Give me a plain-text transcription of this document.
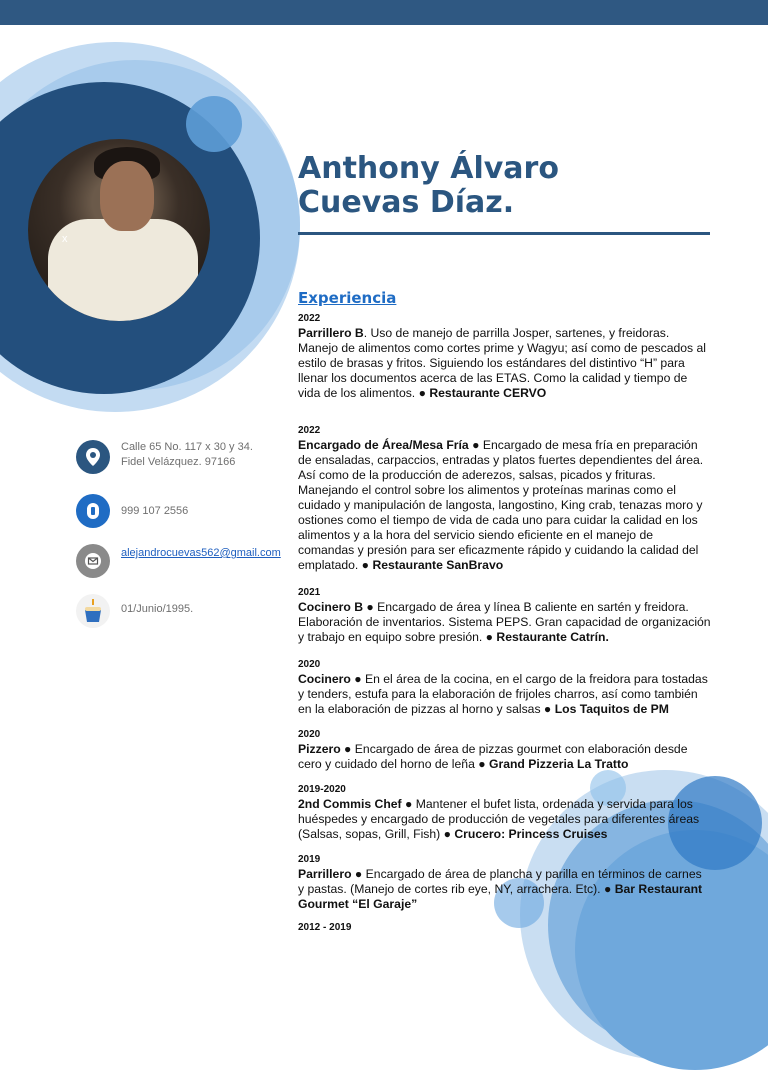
x
Anthony Álvaro
Cuevas Díaz.
Calle 65 No. 117 x 30 y 34. Fidel Velázquez. 97166
999 107 2556
alejandrocuevas562@gmail.com
01/Junio/1995.
Experiencia
2022
Parrillero B. Uso de manejo de parrilla Josper, sartenes, y freidoras. Manejo de alimentos como cortes prime y Wagyu; así como de pescados al estilo de brasas y fritos. Siguiendo los estándares del distintivo “H” para llenar los documentos acerca de las ETAS. Como la calidad y tiempo de vida de los alimentos. ● Restaurante CERVO
2022
Encargado de Área/Mesa Fría ● Encargado de mesa fría en preparación de ensaladas, carpaccios, entradas y platos fuertes dependientes del área. Así como de la producción de aderezos, salsas, picados y frituras. Manejando el control sobre los alimentos y proteínas marinas como el cuidado y manipulación de langosta, langostino, King crab, tenazas moro y ostiones como el tiempo de vida de cada uno para cuidar la calidad en los alimentos y a la hora del servicio siendo eficiente en el manejo de comandas y presión para ser eficazmente rápido y cuidando la calidad del emplatado. ● Restaurante SanBravo
2021
Cocinero B ● Encargado de área y línea B caliente en sartén y freidora. Elaboración de inventarios. Sistema PEPS. Gran capacidad de organización y trabajo en equipo sobre presión. ● Restaurante Catrín.
2020
Cocinero ● En el área de la cocina, en el cargo de la freidora para tostadas y tenders, estufa para la elaboración de frijoles charros, así como también en la elaboración de pizzas al horno y salsas ● Los Taquitos de PM
2020
Pizzero ● Encargado de área de pizzas gourmet con elaboración desde cero y cuidado del horno de leña ● Grand Pizzeria La Tratto
2019-2020
2nd Commis Chef ● Mantener el bufet lista, ordenada y servida para los huéspedes y encargado de producción de vegetales para diferentes áreas (Salsas, sopas, Grill, Fish) ● Crucero: Princess Cruises
2019
Parrillero ● Encargado de área de plancha y parilla en términos de carnes y pastas. (Manejo de cortes rib eye, NY, arrachera. Etc). ● Bar Restaurant Gourmet “El Garaje”
2012 - 2019
